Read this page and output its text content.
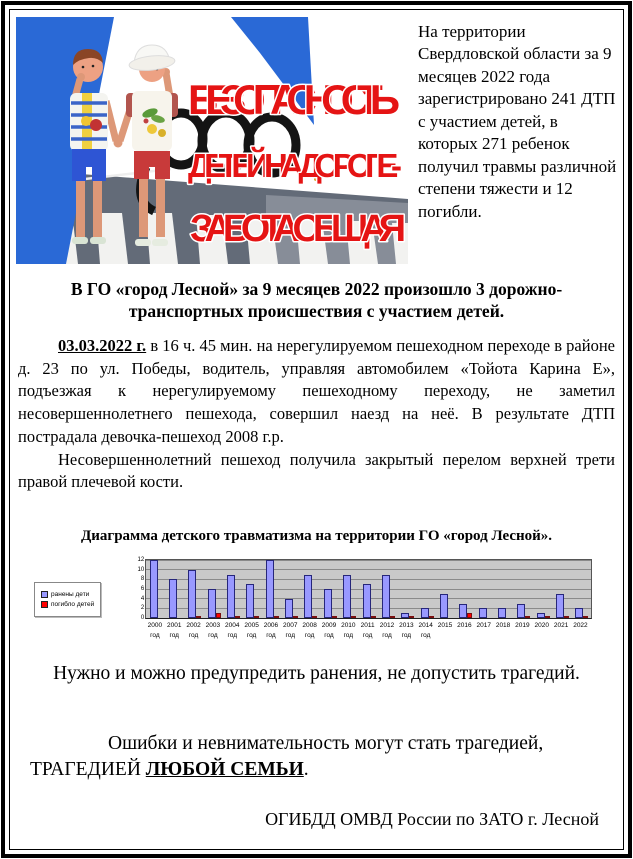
БЕЗОПАСНОСТЬ
ДЕТЕЙ НА ДОРОГЕ-
ЗАБОТА ОБЩАЯ
На территории Свердловской области за 9 месяцев 2022 года зарегистрировано 241 ДТП с участием детей, в которых 271 ребенок получил травмы различной степени тяжести и 12 погибли.
В ГО «город Лесной» за 9 месяцев 2022 произошло 3 дорожно-
транспортных происшествия с участием детей.

03.03.2022 г. в 16 ч. 45 мин. на нерегулируемом пешеходном переходе в районе д. 23 по ул. Победы, водитель, управляя автомобилем «Тойота Карина Е», подъезжая к нерегулируемому пешеходному переходу, не заметил несовершеннолетнего пешехода, совершил наезд на неё. В результате ДТП пострадала девочка-пешеход 2008 г.р.

Несовершеннолетний пешеход получила закрытый перелом верхней трети правой плечевой кости.

Диаграмма детского травматизма на территории ГО «город Лесной».
ранены дети
погибло детей
0
2
4
6
8
10
12
2000
год
2001
год
2002
год
2003
год
2004
год
2005
год
2006
год
2007
год
2008
год
2009
год
2010
год
2011
год
2012
год
2013
год
2014
год
2015 2016 2017 2018 2019 2020 2021 2022
Нужно и можно предупредить ранения, не допустить трагедий.
Ошибки и невнимательность могут стать трагедией,
ТРАГЕДИЕЙ ЛЮБОЙ СЕМЬИ.
ОГИБДД ОМВД России по ЗАТО г. Лесной
